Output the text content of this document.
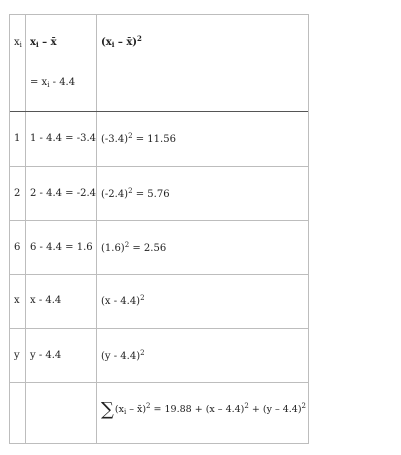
$x_i$ $x_i$ – x̄
= $x_i - 4.4$
($x_i$ – x̄)$^2$
1 1 - 4.4 = -3.4 $(-3.4)^2 = 11.56$
2 2 - 4.4 = -2.4 $(-2.4)^2 = 5.76$
6 6 - 4.4 = 1.6 $(1.6)^2 = 2.56$
x x - 4.4	(x - 4.4)$^2$
y y - 4.4	(y - 4.4)$^2$
$\sum(x_i$ – x̄)$^2$ = 19.88 + (x – 4.4)$^2$ + (y – 4.4)$^2$
